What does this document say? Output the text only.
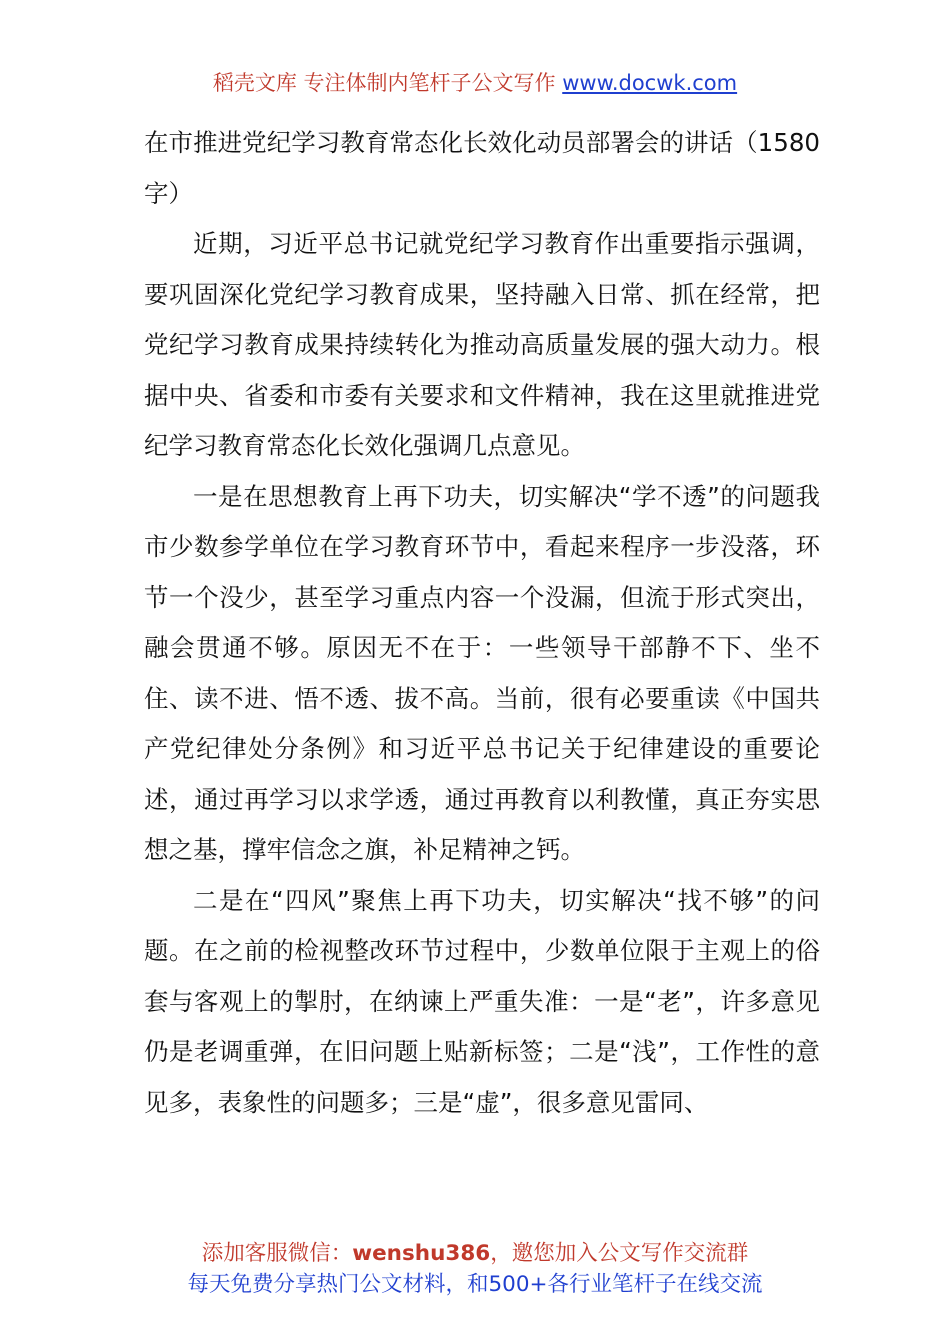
稻壳文库 专注体制内笔杆子公文写作 www.docwk.com

在市推进党纪学习教育常态化长效化动员部署会的讲话（1580字）

近期，习近平总书记就党纪学习教育作出重要指示强调，要巩固深化党纪学习教育成果，坚持融入日常、抓在经常，把党纪学习教育成果持续转化为推动高质量发展的强大动力。根据中央、省委和市委有关要求和文件精神，我在这里就推进党纪学习教育常态化长效化强调几点意见。

一是在思想教育上再下功夫，切实解决“学不透”的问题我市少数参学单位在学习教育环节中，看起来程序一步没落，环节一个没少，甚至学习重点内容一个没漏，但流于形式突出，融会贯通不够。原因无不在于：一些领导干部静不下、坐不住、读不进、悟不透、拔不高。当前，很有必要重读《中国共产党纪律处分条例》和习近平总书记关于纪律建设的重要论述，通过再学习以求学透，通过再教育以利教懂，真正夯实思想之基，撑牢信念之旗，补足精神之钙。

二是在“四风”聚焦上再下功夫，切实解决“找不够”的问题。在之前的检视整改环节过程中，少数单位限于主观上的俗套与客观上的掣肘，在纳谏上严重失准：一是“老”，许多意见仍是老调重弹，在旧问题上贴新标签；二是“浅”，工作性的意见多，表象性的问题多；三是“虚”，很多意见雷同、

添加客服微信：wenshu386，邀您加入公文写作交流群
每天免费分享热门公文材料，和500+各行业笔杆子在线交流
